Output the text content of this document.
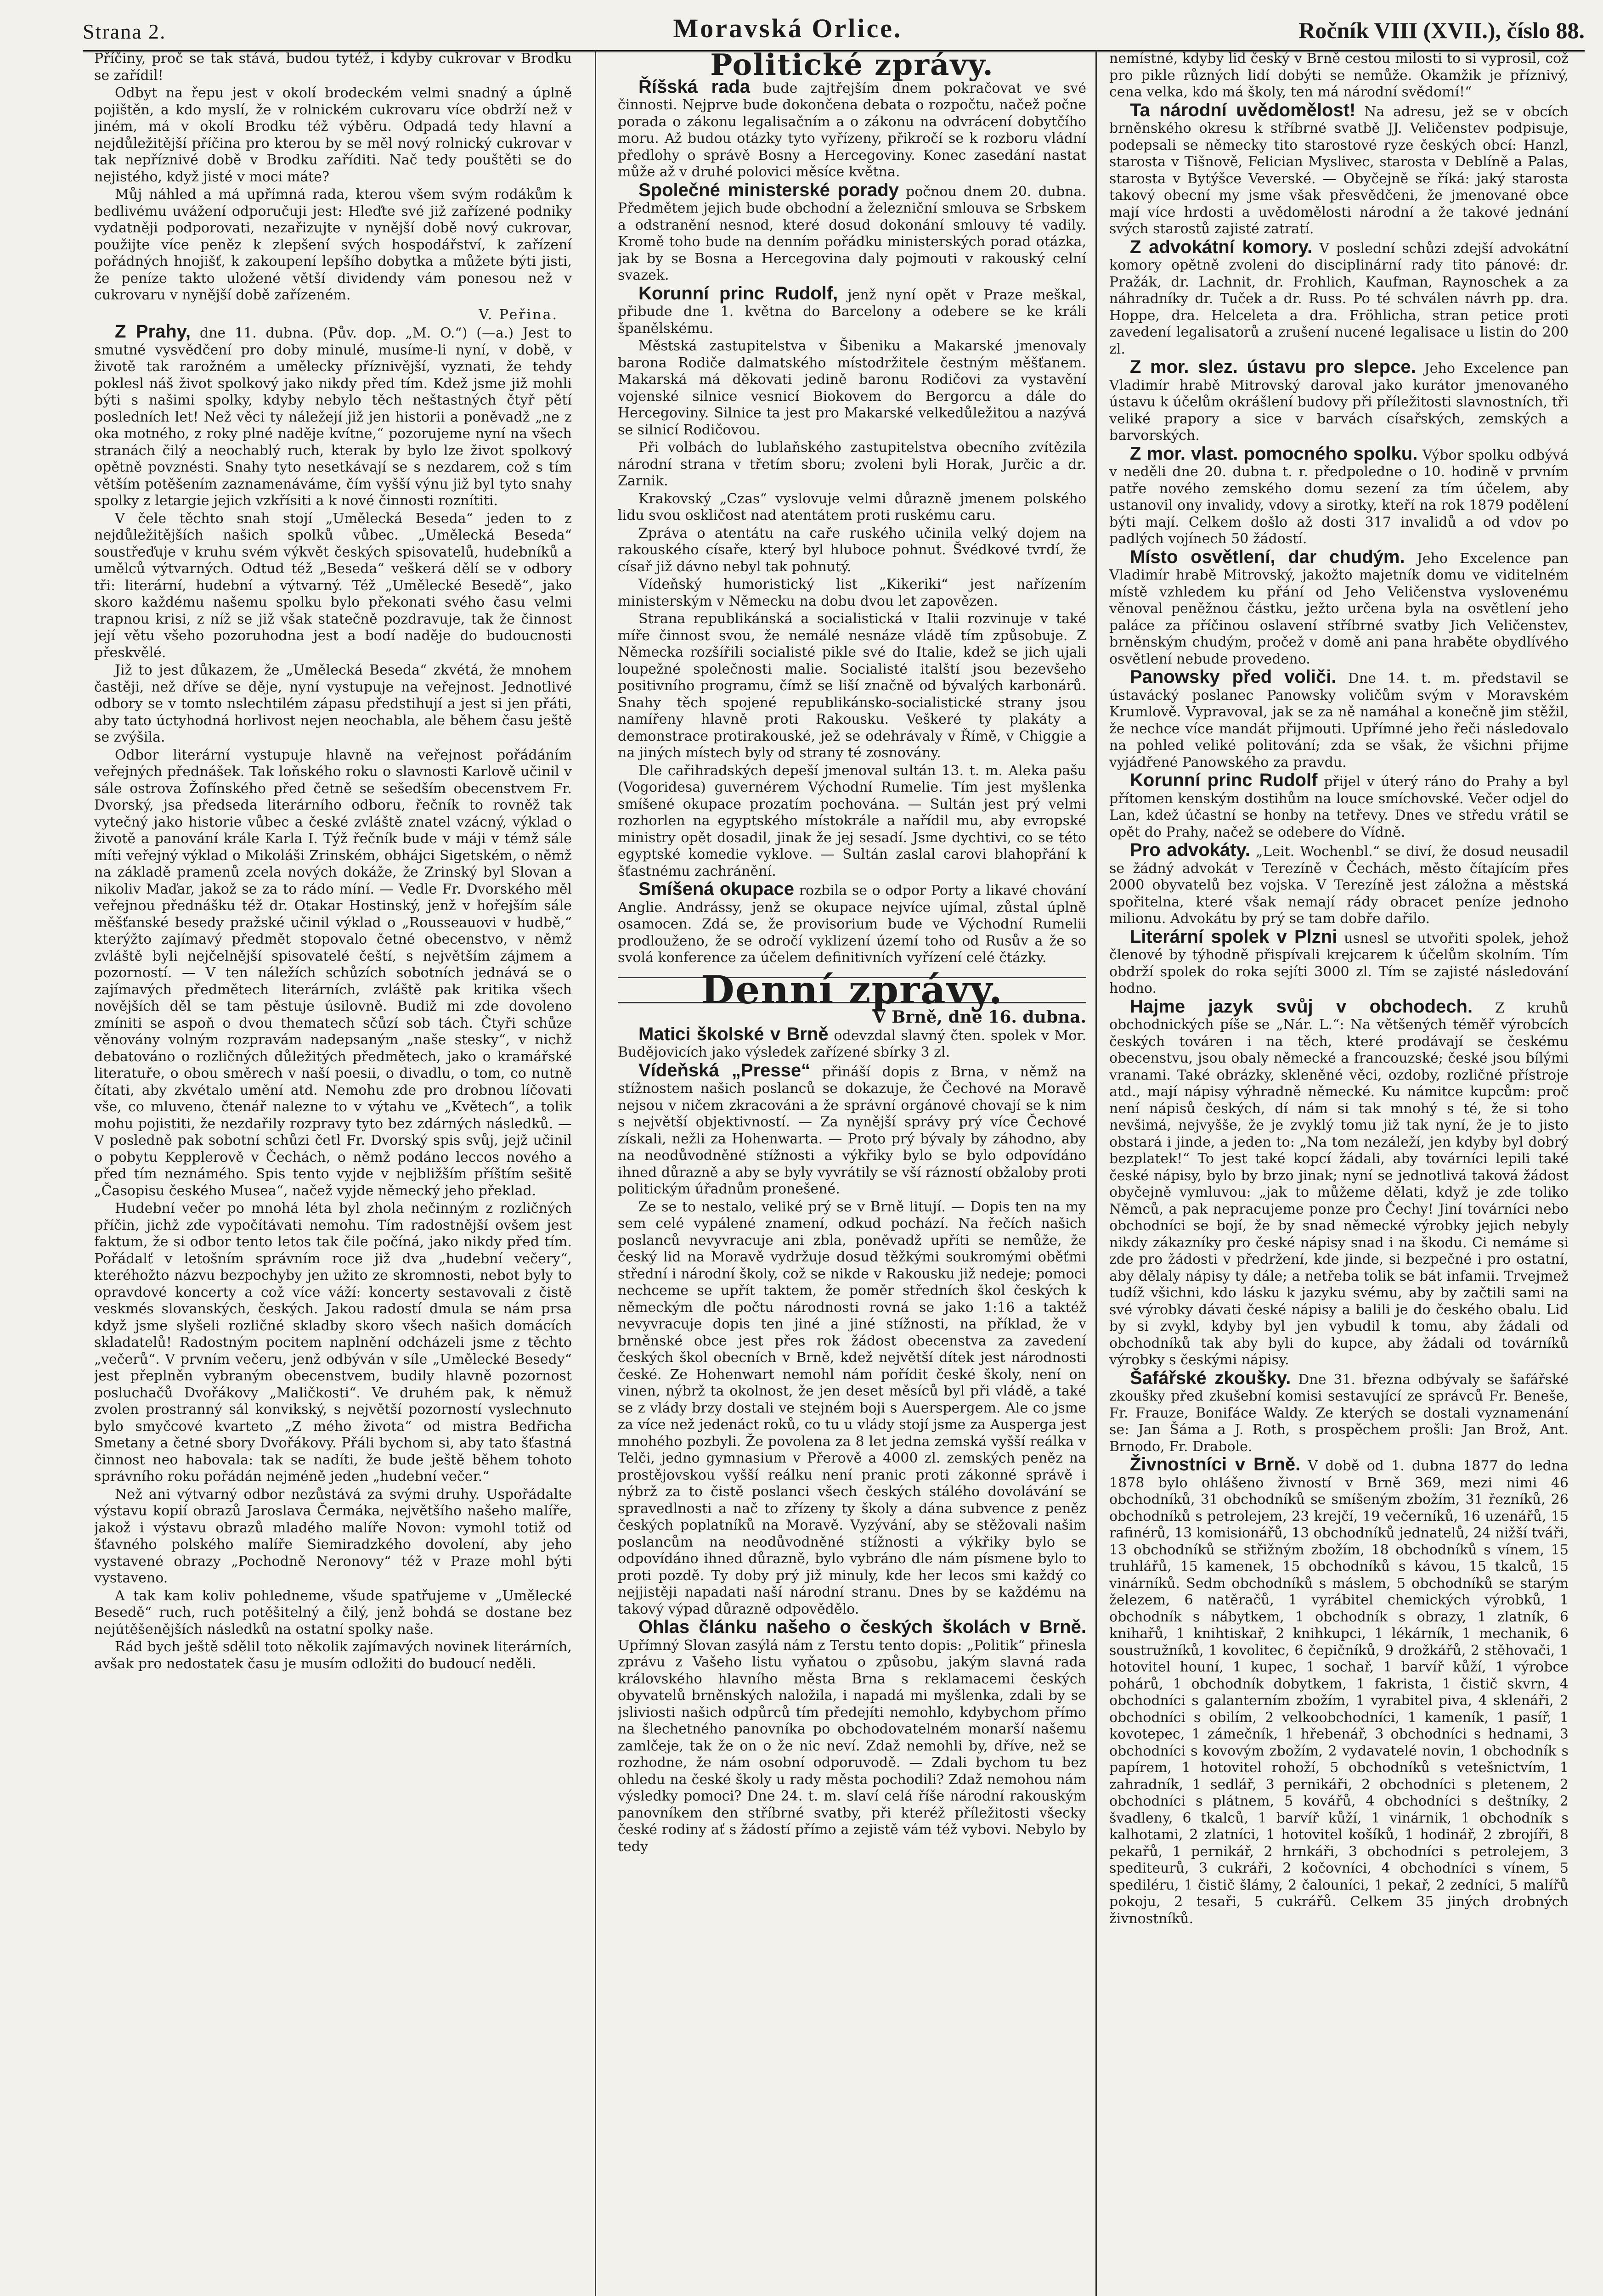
Strana 2.	Moravská Orlice.	Ročník VIII (XVII.), číslo 88.

Příčiny, proč se tak stává, budou tytéž, i kdyby cukrovar v Brodku se zařídil!

Odbyt na řepu jest v okolí brodeckém velmi snadný a úplně pojištěn, a kdo myslí, že v rolnickém cukrovaru více obdrží než v jiném, má v okolí Brodku též výběru. Odpadá tedy hlavní a nejdůležitější příčina pro kterou by se měl nový rolnický cukrovar v tak nepříznivé době v Brodku zaříditi. Nač tedy pouštěti se do nejistého, když jisté v moci máte?

Můj náhled a má upřímná rada, kterou všem svým rodákům k bedlivému uvážení odporučuji jest: Hleďte své již zařízené podniky vydatněji podporovati, nezařizujte v nynější době nový cukrovar, použijte více peněz k zlepšení svých hospodářství, k zařízení pořádných hnojišť, k zakoupení lepšího dobytka a můžete býti jisti, že peníze takto uložené větší dividendy vám ponesou než v cukrovaru v nynější době zařízeném.

V. Peřina.

Z Prahy, dne 11. dubna. (Pův. dop. „M. O.“) (—a.) Jest to smutné vysvědčení pro doby minulé, musíme-li nyní, v době, v životě tak rarožném a umělecky příznivější, vyznati, že tehdy poklesl náš život spolkový jako nikdy před tím. Kdež jsme již mohli býti s našimi spolky, kdyby nebylo těch neštastných čtyř pětí posledních let! Než věci ty náležejí již jen historii a poněvadž „ne z oka motného, z roky plné naděje kvítne,“ pozorujeme nyní na všech stranách čilý a neochablý ruch, kterak by bylo lze život spolkový opětně povznésti. Snahy tyto nesetkávají se s nezdarem, což s tím větším potěšením zaznamenáváme, čím vyšší výnu již byl tyto snahy spolky z letargie jejich vzkřísiti a k nové činnosti roznítiti.

V čele těchto snah stojí „Umělecká Beseda“ jeden to z nejdůležitějších našich spolků vůbec. „Umělecká Beseda“ soustřeďuje v kruhu svém výkvět českých spisovatelů, hudebníků a umělců výtvarných. Odtud též „Beseda“ veškerá dělí se v odbory tři: literární, hudební a výtvarný. Též „Umělecké Besedě“, jako skoro každému našemu spolku bylo překonati svého času velmi trapnou krisi, z níž se již však statečně pozdravuje, tak že činnost její větu všeho pozoruhodna jest a bodí naděje do budoucnosti přeskvělé.

Již to jest důkazem, že „Umělecká Beseda“ zkvétá, že mnohem častěji, než dříve se děje, nyní vystupuje na veřejnost. Jednotlivé odbory se v tomto nslechtilém zápasu předstihují a jest si jen přáti, aby tato úctyhodná horlivost nejen neochabla, ale během času ještě se zvýšila.

Odbor literární vystupuje hlavně na veřejnost pořádáním veřejných přednášek. Tak loňského roku o slavnosti Karlově učinil v sále ostrova Žofínského před četně se sešedším obecenstvem Fr. Dvorský, jsa předseda literárního odboru, řečník to rovněž tak vytečný jako historie vůbec a české zvláště znatel vzácný, výklad o životě a panování krále Karla I. Týž řečník bude v máji v témž sále míti veřejný výklad o Mikoláši Zrinském, obhájci Sigetském, o němž na základě pramenů zcela nových dokáže, že Zrinský byl Slovan a nikoliv Maďar, jakož se za to rádo míní. — Vedle Fr. Dvorského měl veřejnou přednášku též dr. Otakar Hostinský, jenž v hořejším sále měšťanské besedy pražské učinil výklad o „Rousseauovi v hudbě,“ kterýžto zajímavý předmět stopovalo četné obecenstvo, v němž zvláště byli nejčelnější spisovatelé čeští, s největším zájmem a pozorností. — V ten náležích schůzích sobotních jednává se o zajímavých předmětech literárních, zvláště pak kritika všech novějších děl se tam pěstuje úsilovně. Budiž mi zde dovoleno zmíniti se aspoň o dvou thematech sčůzí sob tách. Čtyři schůze věnovány volným rozpravám nadepsaným „naše stesky“, v nichž debatováno o rozličných důležitých předmětech, jako o kramářské literatuře, o obou směrech v naší poesii, o divadlu, o tom, co nutně čítati, aby zkvétalo umění atd. Nemohu zde pro drobnou líčovati vše, co mluveno, čtenář nalezne to v výtahu ve „Květech“, a tolik mohu pojistiti, že nezdařily rozpravy tyto bez zdárných následků. — V posledně pak sobotní schůzi četl Fr. Dvorský spis svůj, jejž učinil o pobytu Kepplerově v Čechách, o němž podáno leccos nového a před tím neznámého. Spis tento vyjde v nejbližším příštím sešitě „Časopisu českého Musea“, načež vyjde německý jeho překlad.

Hudební večer po mnohá léta byl zhola nečinným z rozličných příčin, jichž zde vypočítávati nemohu. Tím radostnější ovšem jest faktum, že si odbor tento letos tak čile počíná, jako nikdy před tím. Pořádalť v letošním správním roce již dva „hudební večery“, kteréhožto názvu bezpochyby jen užito ze skromnosti, nebot byly to opravdové koncerty a což více váží: koncerty sestavovali z čistě veskmés slovanských, českých. Jakou radostí dmula se nám prsa když jsme slyšeli rozličné skladby skoro všech našich domácích skladatelů! Radostným pocitem naplnění odcházeli jsme z těchto „večerů“. V prvním večeru, jenž odbýván v síle „Umělecké Besedy“ jest přeplněn vybraným obecenstvem, budily hlavně pozornost posluchačů Dvořákovy „Maličkosti“. Ve druhém pak, k němuž zvolen prostranný sál konvikský, s největší pozorností vyslechnuto bylo smyčcové kvarteto „Z mého života“ od mistra Bedřicha Smetany a četné sbory Dvořákovy. Přáli bychom si, aby tato šťastná činnost neo habovala: tak se nadíti, že bude ještě během tohoto správního roku pořádán nejméně jeden „hudební večer.“

Než ani výtvarný odbor nezůstává za svými druhy. Uspořádalte výstavu kopií obrazů Jaroslava Čermáka, největšího našeho malíře, jakož i výstavu obrazů mladého malíře Novon: vymohl totiž od šťavného polského malíře Siemiradzkého dovolení, aby jeho vystavené obrazy „Pochodně Neronovy“ též v Praze mohl býti vystaveno.

A tak kam koliv pohledneme, všude spatřujeme v „Umělecké Besedě“ ruch, ruch potěšitelný a čilý, jenž bohdá se dostane bez nejútěšenějších následků na ostatní spolky naše.

Rád bych ještě sdělil toto několik zajímavých novinek literárních, avšak pro nedostatek času je musím odložiti do budoucí neděli.

Politické zprávy.

Říšská rada bude zajtřejším dnem pokračovat ve své činnosti. Nejprve bude dokončena debata o rozpočtu, načež počne porada o zákonu legalisačním a o zákonu na odvrácení dobytčího moru. Až budou otázky tyto vyřízeny, přikročí se k rozboru vládní předlohy o správě Bosny a Hercegoviny. Konec zasedání nastat může až v druhé polovici měsíce května.

Společné ministerské porady počnou dnem 20. dubna. Předmětem jejich bude obchodní a železniční smlouva se Srbskem a odstranění nesnod, které dosud dokonání smlouvy té vadily. Kromě toho bude na denním pořádku ministerských porad otázka, jak by se Bosna a Hercegovina daly pojmouti v rakouský celní svazek.

Korunní princ Rudolf, jenž nyní opět v Praze meškal, přibude dne 1. května do Barcelony a odebere se ke králi španělskému.

Městská zastupitelstva v Šibeniku a Makarské jmenovaly barona Rodiče dalmatského místodržitele čestným měšťanem. Makarská má děkovati jedině baronu Rodičovi za vystavění vojenské silnice vesnicí Biokovem do Bergorcu a dále do Hercegoviny. Silnice ta jest pro Makarské velkedůležitou a nazývá se silnicí Rodičovou.

Při volbách do lublaňského zastupitelstva obecního zvítězila národní strana v třetím sboru; zvoleni byli Horak, Jurčic a dr. Zarnik.

Krakovský „Czas“ vyslovuje velmi důrazně jmenem polského lidu svou oskličost nad atentátem proti ruskému caru.

Zpráva o atentátu na caře ruského učinila velký dojem na rakouského císaře, který byl hluboce pohnut. Švédkové tvrdí, že císař již dávno nebyl tak pohnutý.

Vídeňský humoristický list „Kikeriki“ jest nařízením ministerským v Německu na dobu dvou let zapovězen.

Strana republikánská a socialistická v Italii rozvinuje v také míře činnost svou, že nemálé nesnáze vládě tím způsobuje. Z Německa rozšířili socialisté pikle své do Italie, kdež se jich ujali loupežné společnosti malie. Socialisté italští jsou bezevšeho positivního programu, čímž se liší značně od bývalých karbonárů. Snahy těch spojené republikánsko-socialistické strany jsou namířeny hlavně proti Rakousku. Veškeré ty plakáty a demonstrace protirakouské, jež se odehrávaly v Římě, v Chiggie a na jiných místech byly od strany té zosnovány.

Dle cařihradských depeší jmenoval sultán 13. t. m. Aleka pašu (Vogoridesa) guvernérem Východní Rumelie. Tím jest myšlenka smíšené okupace prozatím pochována. — Sultán jest prý velmi rozhorlen na egyptského místokrále a nařídil mu, aby evropské ministry opět dosadil, jinak že jej sesadí. Jsme dychtivi, co se této egyptské komedie vyklove. — Sultán zaslal carovi blahopřání k šťastnému zachránění.

Smíšená okupace rozbila se o odpor Porty a likavé chování Anglie. Andrássy, jenž se okupace nejvíce ujímal, zůstal úplně osamocen. Zdá se, že provisorium bude ve Východní Rumelii prodlouženo, že se odročí vyklizení území toho od Rusův a že so svolá konference za účelem definitivních vyřízení celé čtázky.

Denní zprávy.
V Brně, dne 16. dubna.

Matici školské v Brně odevzdal slavný čten. spolek v Mor. Budějovicích jako výsledek zařízené sbírky 3 zl.

Vídeňská „Presse“ přináší dopis z Brna, v němž na stížnostem našich poslanců se dokazuje, že Čechové na Moravě nejsou v ničem zkracováni a že správní orgánové chovají se k nim s největší objektivností. — Za nynější správy prý více Čechové získali, nežli za Hohenwarta. — Proto prý bývaly by záhodno, aby na neodůvodněné stížnosti a výkřiky bylo se bylo odpovídáno ihned důrazně a aby se byly vyvrátily se vší rázností obžaloby proti politickým úřadnům pronešené.

Ze se to nestalo, veliké prý se v Brně litují. — Dopis ten na my sem celé vypálené znamení, odkud pochází. Na řečích našich poslanců nevyvracuje ani zbla, poněvadž upříti se nemůže, že český lid na Moravě vydržuje dosud těžkými soukromými oběťmi střední i národní školy, což se nikde v Rakousku již nedeje; pomoci nechceme se upřít taktem, že poměr středních škol českých k německým dle počtu národnosti rovná se jako 1:16 a taktéž nevyvracuje dopis ten jiné a jiné stížnosti, na příklad, že v brněnské obce jest přes rok žádost obecenstva za zavedení českých škol obecních v Brně, kdež největší dítek jest národnosti české. Ze Hohenwart nemohl nám pořídit české školy, není on vinen, nýbrž ta okolnost, že jen deset měsíců byl při vládě, a také se z vlády brzy dostali ve stejném boji s Auerspergem. Ale co jsme za více než jedenáct roků, co tu u vlády stojí jsme za Ausperga jest mnohého pozbyli. Že povolena za 8 let jedna zemská vyšší reálka v Telči, jedno gymnasium v Přerově a 4000 zl. zemských peněz na prostějovskou vyšší reálku není pranic proti zákonné správě i nýbrž za to čistě poslanci všech českých stálého dovolávání se spravedlnosti a nač to zřízeny ty školy a dána subvence z peněz českých poplatníků na Moravě. Vyzývání, aby se stěžovali našim poslancům na neodůvodněné stížnosti a výkřiky bylo se odpovídáno ihned důrazně, bylo vybráno dle nám písmene bylo to proti pozdě. Ty doby prý již minuly, kde her lecos smi každý co nejjistěji napadati naší národní stranu. Dnes by se každému na takový výpad důrazně odpovědělo.

Ohlas článku našeho o českých školách v Brně. Upřímný Slovan zasýlá nám z Terstu tento dopis: „Politik“ přinesla zprávu z Vašeho listu vyňatou o způsobu, jakým slavná rada královského hlavního města Brna s reklamacemi českých obyvatelů brněnských naložila, i napadá mi myšlenka, zdali by se jsliviosti našich odpůrců tím předejíti nemohlo, kdybychom přímo na šlechetného panovníka po obchodovatelném monarší našemu zamlčeje, tak že on o že nic neví. Zdaž nemohli by, dříve, než se rozhodne, že nám osobní odporuvodě. — Zdali bychom tu bez ohledu na české školy u rady města pochodili? Zdaž nemohou nám výsledky pomoci? Dne 24. t. m. slaví celá říše národní rakouským panovníkem den stříbrné svatby, při kteréž příležitosti všecky české rodiny ať s žádostí přímo a zejistě vám též vybovi. Nebylo by tedy

nemístné, kdyby lid český v Brně cestou milosti to si vyprosil, což pro pikle různých lidí dobýti se nemůže. Okamžik je příznivý, cena velka, kdo má školy, ten má národní svědomí!“

Ta národní uvědomělost! Na adresu, jež se v obcích brněnského okresu k stříbrné svatbě JJ. Veličenstev podpisuje, podepsali se německy tito starostové ryze českých obcí: Hanzl, starosta v Tišnově, Felician Myslivec, starosta v Deblíně a Palas, starosta v Bytýšce Veverské. — Obyčejně se říká: jaký starosta takový obecní my jsme však přesvědčeni, že jmenované obce mají více hrdosti a uvědomělosti národní a že takové jednání svých starostů zajisté zatratí.

Z advokátní komory. V poslední schůzi zdejší advokátní komory opětně zvoleni do disciplinární rady tito pánové: dr. Pražák, dr. Lachnit, dr. Frohlich, Kaufman, Raynoschek a za náhradníky dr. Tuček a dr. Russ. Po té schválen návrh pp. dra. Hoppe, dra. Helceleta a dra. Fröhlicha, stran petice proti zavedení legalisatorů a zrušení nucené legalisace u listin do 200 zl.

Z mor. slez. ústavu pro slepce. Jeho Excelence pan Vladimír hrabě Mitrovský daroval jako kurátor jmenovaného ústavu k účelům okrášlení budovy při příležitosti slavnostních, tři veliké prapory a sice v barvách císařských, zemských a barvorských.

Z mor. vlast. pomocného spolku. Výbor spolku odbývá v neděli dne 20. dubna t. r. předpoledne o 10. hodině v prvním patře nového zemského domu sezení za tím účelem, aby ustanovil ony invalidy, vdovy a sirotky, kteří na rok 1879 podělení býti mají. Celkem došlo až dosti 317 invalidů a od vdov po padlých vojínech 50 žádostí.

Místo osvětlení, dar chudým. Jeho Excelence pan Vladimír hrabě Mitrovský, jakožto majetník domu ve viditelném místě vzhledem ku přání od Jeho Veličenstva vyslovenému věnoval peněžnou částku, ježto určena byla na osvětlení jeho paláce za příčinou oslavení stříbrné svatby Jich Veličenstev, brněnským chudým, pročež v domě ani pana hraběte obydlívého osvětlení nebude provedeno.

Panowsky před voliči. Dne 14. t. m. představil se ústavácký poslanec Panowsky voličům svým v Moravském Krumlově. Vypravoval, jak se za ně namáhal a konečně jim stěžil, že nechce více mandát přijmouti. Upřímné jeho řeči následovalo na pohled veliké politování; zda se však, že všichni přijme vyjádřené Panowského za pravdu.

Korunní princ Rudolf přijel v úterý ráno do Prahy a byl přítomen kenským dostihům na louce smíchovské. Večer odjel do Lan, kdež účastní se honby na tetřevy. Dnes ve středu vrátil se opět do Prahy, načež se odebere do Vídně.

Pro advokáty. „Leit. Wochenbl.“ se diví, že dosud neusadil se žádný advokát v Terezíně v Čechách, město čítajícím přes 2000 obyvatelů bez vojska. V Terezíně jest záložna a městská spořitelna, které však nemají rády obracet peníze jednoho milionu. Advokátu by prý se tam dobře dařilo.

Literární spolek v Plzni usnesl se utvořiti spolek, jehož členové by týhodně přispívali krejcarem k účelům skolním. Tím obdrží spolek do roka sejíti 3000 zl. Tím se zajisté následování hodno.

Hajme jazyk svůj v obchodech. Z kruhů obchodnických píše se „Nár. L.“: Na většených téměř výrobcích českých továren i na těch, které prodávají se českému obecenstvu, jsou obaly německé a francouzské; české jsou bílými vranami. Také obrázky, skleněné věci, ozdoby, rozličné přístroje atd., mají nápisy výhradně německé. Ku námitce kupcům: proč není nápisů českých, dí nám si tak mnohý s té, že si toho nevšimá, nejvyšše, že je zvyklý tomu již tak nyní, že je to jisto obstará i jinde, a jeden to: „Na tom nezáleží, jen kdyby byl dobrý bezplatek!“ To jest také kopcí žádali, aby továrníci lepili také české nápisy, bylo by brzo jinak; nyní se jednotlivá taková žádost obyčejně vymluvou: „jak to můžeme dělati, když je zde toliko Němců, a pak nepracujeme ponze pro Čechy! Jiní továrníci nebo obchodníci se bojí, že by snad německé výrobky jejich nebyly nikdy zákazníky pro české nápisy snad i na škodu. Ci nemáme si zde pro žádosti v předržení, kde jinde, si bezpečné i pro ostatní, aby dělaly nápisy ty dále; a netřeba tolik se bát infamii. Trvejmež tudíž všichni, kdo lásku k jazyku svému, aby by začtili sami na své výrobky dávati české nápisy a balili je do českého obalu. Lid by si zvykl, kdyby byl jen vybudil k tomu, aby žádali od obchodníků tak aby byli do kupce, aby žádali od továrníků výrobky s českými nápisy.

Šafářské zkoušky. Dne 31. března odbývaly se šafářské zkoušky před zkušební komisi sestavující ze správců Fr. Beneše, Fr. Frauze, Bonifáce Waldy. Ze kterých se dostali vyznamenání se: Jan Šáma a J. Roth, s prospěchem prošli: Jan Brož, Ant. Brnodo, Fr. Drabole.

Živnostníci v Brně. V době od 1. dubna 1877 do ledna 1878 bylo ohlášeno živností v Brně 369, mezi nimi 46 obchodníků, 31 obchodníků se smíšeným zbožím, 31 řezníků, 26 obchodníků s petrolejem, 23 krejčí, 19 večerníků, 16 uzenářů, 15 rafinérů, 13 komisionářů, 13 obchodníků jednatelů, 24 nižší tváři, 13 obchodníků se střižným zbožím, 18 obchodníků s vínem, 15 truhlářů, 15 kamenek, 15 obchodníků s kávou, 15 tkalců, 15 vinárníků. Sedm obchodníků s máslem, 5 obchodníků se starým železem, 6 natěračů, 1 vyrábitel chemických výrobků, 1 obchodník s nábytkem, 1 obchodník s obrazy, 1 zlatník, 6 knihařů, 1 knihtiskař, 2 knihkupci, 1 lékárník, 1 mechanik, 6 soustružníků, 1 kovolitec, 6 čepičníků, 9 drožkářů, 2 stěhovači, 1 hotovitel houní, 1 kupec, 1 sochař, 1 barvíř kůží, 1 výrobce pohárů, 1 obchodník dobytkem, 1 fakrista, 1 čistič skvrn, 4 obchodníci s galanterním zbožím, 1 vyrabitel piva, 4 sklenáři, 2 obchodníci s obilím, 2 velkoobchodníci, 1 kameník, 1 pasíř, 1 kovotepec, 1 zámečník, 1 hřebenář, 3 obchodníci s hednami, 3 obchodníci s kovovým zbožím, 2 vydavatelé novin, 1 obchodník s papírem, 1 hotovitel rohoží, 5 obchodníků s vetešnictvím, 1 zahradník, 1 sedlář, 3 pernikáři, 2 obchodníci s pletenem, 2 obchodníci s plátnem, 5 kovářů, 4 obchodníci s deštníky, 2 švadleny, 6 tkalců, 1 barvíř kůží, 1 vinárnik, 1 obchodník s kalhotami, 2 zlatníci, 1 hotovitel košíků, 1 hodinář, 2 zbrojíři, 8 pekařů, 1 pernikář, 2 hrnkáři, 3 obchodníci s petrolejem, 3 spediteurů, 3 cukráři, 2 kočovníci, 4 obchodníci s vínem, 5 spediléru, 1 čistič šlámy, 2 čalouníci, 1 pekař, 2 zedníci, 5 malířů pokoju, 2 tesaři, 5 cukrářů. Celkem 35 jiných drobných živnostníků.
